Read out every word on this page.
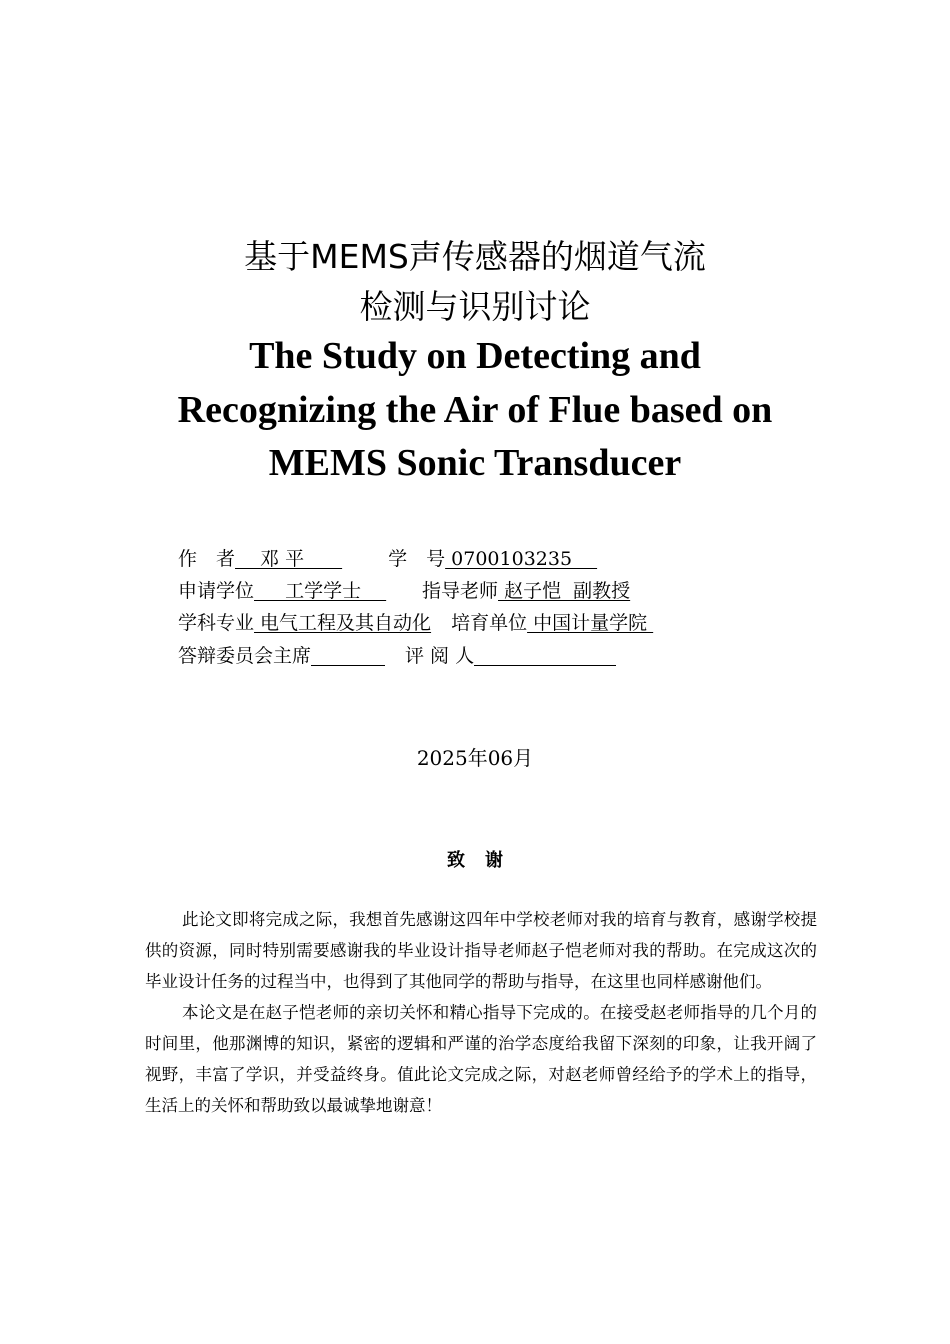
基于MEMS声传感器的烟道气流
检测与识别讨论
The Study on Detecting and
Recognizing the Air of Flue based on
MEMS Sonic Transducer
作　者　 邓 平　　学　号 0700103235　
申请学位　  工学学士　 指导老师 赵子恺  副教授
学科专业 电气工程及其自动化 培育单位 中国计量学院
答辩委员会主席	评 阅 人
2025年06月
致谢

此论文即将完成之际，我想首先感谢这四年中学校老师对我的培育与教育，感谢学校提供的资源，同时特别需要感谢我的毕业设计指导老师赵子恺老师对我的帮助。在完成这次的毕业设计任务的过程当中，也得到了其他同学的帮助与指导，在这里也同样感谢他们。

本论文是在赵子恺老师的亲切关怀和精心指导下完成的。在接受赵老师指导的几个月的时间里，他那渊博的知识，紧密的逻辑和严谨的治学态度给我留下深刻的印象，让我开阔了视野，丰富了学识，并受益终身。值此论文完成之际，对赵老师曾经给予的学术上的指导，生活上的关怀和帮助致以最诚挚地谢意！
